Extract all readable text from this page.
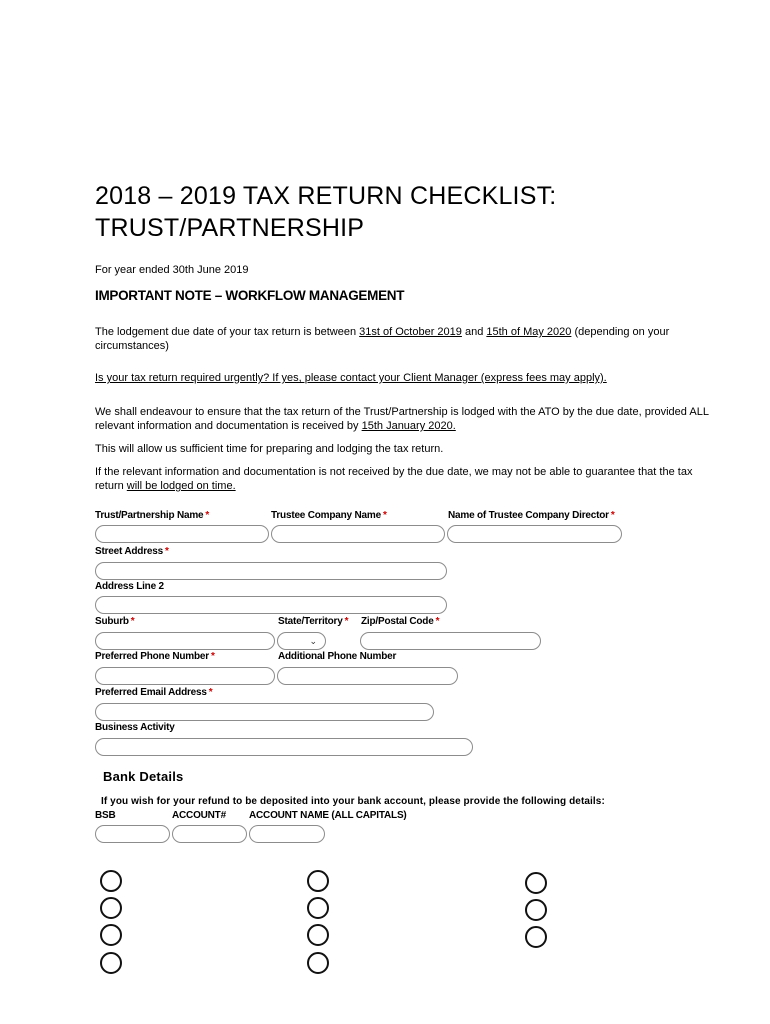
2018 – 2019 TAX RETURN CHECKLIST:
TRUST/PARTNERSHIP
For year ended 30th June 2019
IMPORTANT NOTE – WORKFLOW MANAGEMENT
The lodgement due date of your tax return is between 31st of October 2019 and 15th of May 2020 (depending on your circumstances)
Is your tax return required urgently? If yes, please contact your Client Manager (express fees may apply).
We shall endeavour to ensure that the tax return of the Trust/Partnership is lodged with the ATO by the due date, provided ALL relevant information and documentation is received by 15th January 2020.
This will allow us sufficient time for preparing and lodging the tax return.
If the relevant information and documentation is not received by the due date, we may not be able to guarantee that the tax return will be lodged on time.
Trust/Partnership Name *	Trustee Company Name *	Name of Trustee Company Director *
Street Address *
Address Line 2
Suburb *	State/Territory * Zip/Postal Code *
⌄
Preferred Phone Number *	Additional Phone Number
Preferred Email Address *
Business Activity
Bank Details
If you wish for your refund to be deposited into your bank account, please provide the following details:
BSB	ACCOUNT# ACCOUNT NAME (ALL CAPITALS)
